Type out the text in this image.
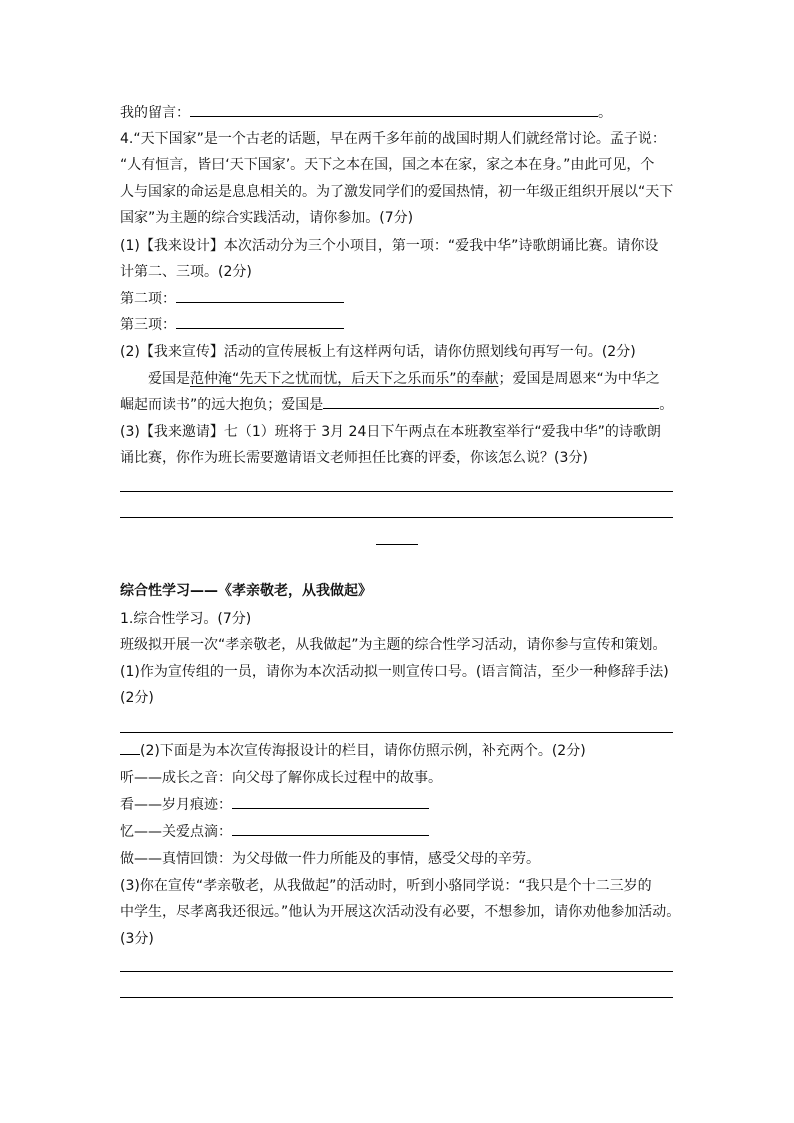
我的留言：	。
4.“天下国家”是一个古老的话题，早在两千多年前的战国时期人们就经常讨论。孟子说：
“人有恒言，皆曰‘天下国家’。天下之本在国，国之本在家，家之本在身。”由此可见，个
人与国家的命运是息息相关的。为了激发同学们的爱国热情，初一年级正组织开展以“天下
国家”为主题的综合实践活动，请你参加。(7分)
(1)【我来设计】本次活动分为三个小项目，第一项：“爱我中华”诗歌朗诵比赛。请你设
计第二、三项。(2分)
第二项：
第三项：
(2)【我来宣传】活动的宣传展板上有这样两句话，请你仿照划线句再写一句。(2分)
爱国是范仲淹“先天下之忧而忧，后天下之乐而乐”的奉献；爱国是周恩来“为中华之
崛起而读书”的远大抱负；爱国是	。
(3)【我来邀请】七（1）班将于 3月 24日下午两点在本班教室举行“爱我中华”的诗歌朗
诵比赛，你作为班长需要邀请语文老师担任比赛的评委，你该怎么说？(3分)
综合性学习——《孝亲敬老，从我做起》
1.综合性学习。(7分)
班级拟开展一次“孝亲敬老，从我做起”为主题的综合性学习活动，请你参与宣传和策划。
(1)作为宣传组的一员，请你为本次活动拟一则宣传口号。(语言简洁，至少一种修辞手法)
(2分)
(2)下面是为本次宣传海报设计的栏目，请你仿照示例，补充两个。(2分)
听——成长之音：向父母了解你成长过程中的故事。
看——岁月痕迹：
忆——关爱点滴：
做——真情回馈：为父母做一件力所能及的事情，感受父母的辛劳。
(3)你在宣传“孝亲敬老，从我做起”的活动时，听到小骆同学说：“我只是个十二三岁的
中学生，尽孝离我还很远。”他认为开展这次活动没有必要，不想参加，请你劝他参加活动。
(3分)
